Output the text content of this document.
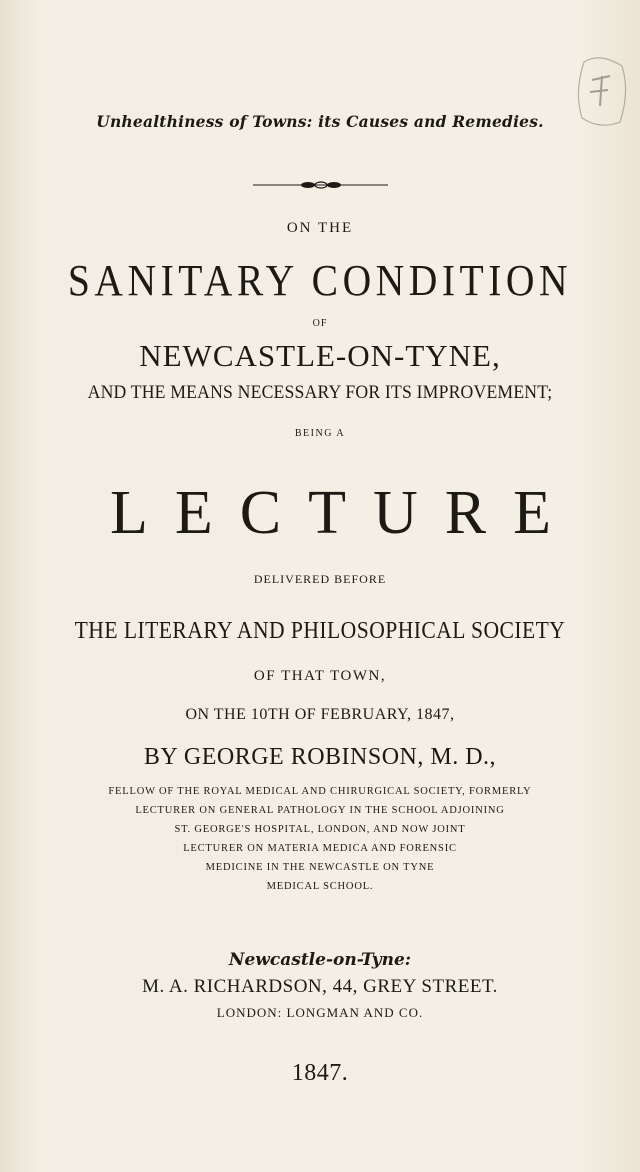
Unhealthiness of Towns: its Causes and Remedies.
ON THE
SANITARY CONDITION
OF
NEWCASTLE-ON-TYNE,
AND THE MEANS NECESSARY FOR ITS IMPROVEMENT;
BEING A
LECTURE
DELIVERED BEFORE
THE LITERARY AND PHILOSOPHICAL SOCIETY
OF THAT TOWN,
ON THE 10TH OF FEBRUARY, 1847,
BY GEORGE ROBINSON, M. D.,
FELLOW OF THE ROYAL MEDICAL AND CHIRURGICAL SOCIETY, FORMERLY
LECTURER ON GENERAL PATHOLOGY IN THE SCHOOL ADJOINING
ST. GEORGE'S HOSPITAL, LONDON, AND NOW JOINT
LECTURER ON MATERIA MEDICA AND FORENSIC
MEDICINE IN THE NEWCASTLE ON TYNE
MEDICAL SCHOOL.
Newcastle-on-Tyne:
M. A. RICHARDSON, 44, GREY STREET.
LONDON: LONGMAN AND CO.
1847.
